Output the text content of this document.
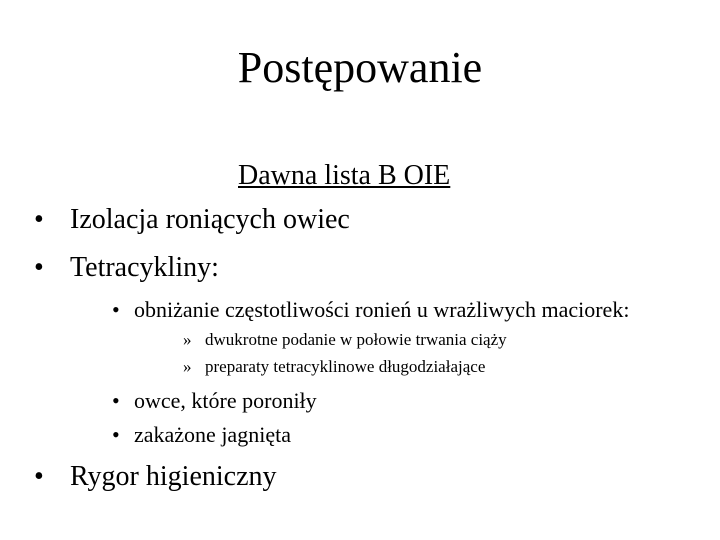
Postępowanie
Dawna lista B OIE
• Izolacja roniących owiec
• Tetracykliny:
• obniżanie częstotliwości ronień u wrażliwych maciorek:
» dwukrotne podanie w połowie trwania ciąży
» preparaty tetracyklinowe długodziałające
• owce, które poroniły
• zakażone jagnięta
• Rygor higieniczny
